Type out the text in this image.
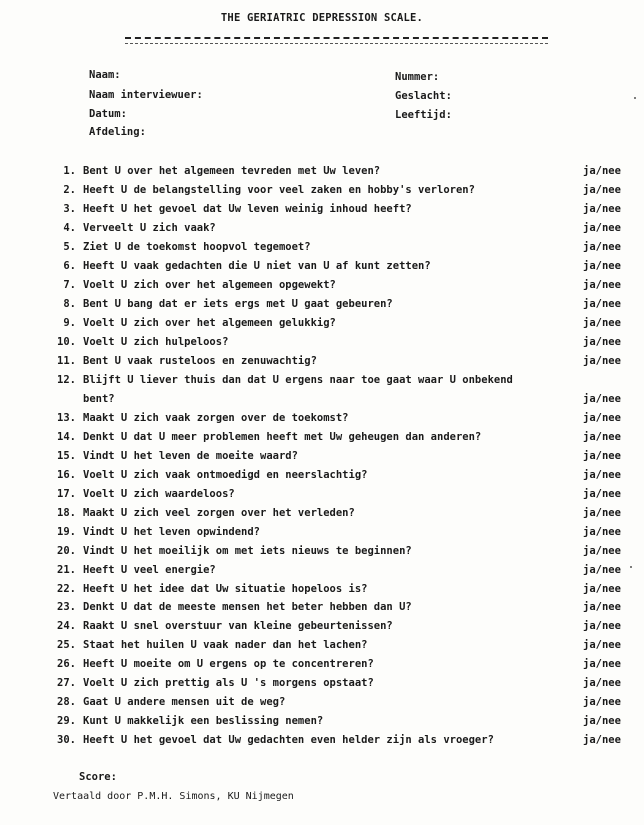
THE GERIATRIC DEPRESSION SCALE.
Naam:
Naam interviewuer:
Datum:
Afdeling:
Nummer:
Geslacht:
Leeftijd:
1. Bent U over het algemeen tevreden met Uw leven?	ja/nee
2. Heeft U de belangstelling voor veel zaken en hobby's verloren?	ja/nee
3. Heeft U het gevoel dat Uw leven weinig inhoud heeft?	ja/nee
4. Verveelt U zich vaak?	ja/nee
5. Ziet U de toekomst hoopvol tegemoet?	ja/nee
6. Heeft U vaak gedachten die U niet van U af kunt zetten?	ja/nee
7. Voelt U zich over het algemeen opgewekt?	ja/nee
8. Bent U bang dat er iets ergs met U gaat gebeuren?	ja/nee
9. Voelt U zich over het algemeen gelukkig?	ja/nee
10. Voelt U zich hulpeloos?	ja/nee
11. Bent U vaak rusteloos en zenuwachtig?	ja/nee
12. Blijft U liever thuis dan dat U ergens naar toe gaat waar U onbekend
bent?	ja/nee
13. Maakt U zich vaak zorgen over de toekomst?	ja/nee
14. Denkt U dat U meer problemen heeft met Uw geheugen dan anderen?	ja/nee
15. Vindt U het leven de moeite waard?	ja/nee
16. Voelt U zich vaak ontmoedigd en neerslachtig?	ja/nee
17. Voelt U zich waardeloos?	ja/nee
18. Maakt U zich veel zorgen over het verleden?	ja/nee
19. Vindt U het leven opwindend?	ja/nee
20. Vindt U het moeilijk om met iets nieuws te beginnen?	ja/nee
21. Heeft U veel energie?	ja/nee
22. Heeft U het idee dat Uw situatie hopeloos is?	ja/nee
23. Denkt U dat de meeste mensen het beter hebben dan U?	ja/nee
24. Raakt U snel overstuur van kleine gebeurtenissen?	ja/nee
25. Staat het huilen U vaak nader dan het lachen?	ja/nee
26. Heeft U moeite om U ergens op te concentreren?	ja/nee
27. Voelt U zich prettig als U 's morgens opstaat?	ja/nee
28. Gaat U andere mensen uit de weg?	ja/nee
29. Kunt U makkelijk een beslissing nemen?	ja/nee
30. Heeft U het gevoel dat Uw gedachten even helder zijn als vroeger?	ja/nee
Score:
Vertaald door P.M.H. Simons, KU Nijmegen
